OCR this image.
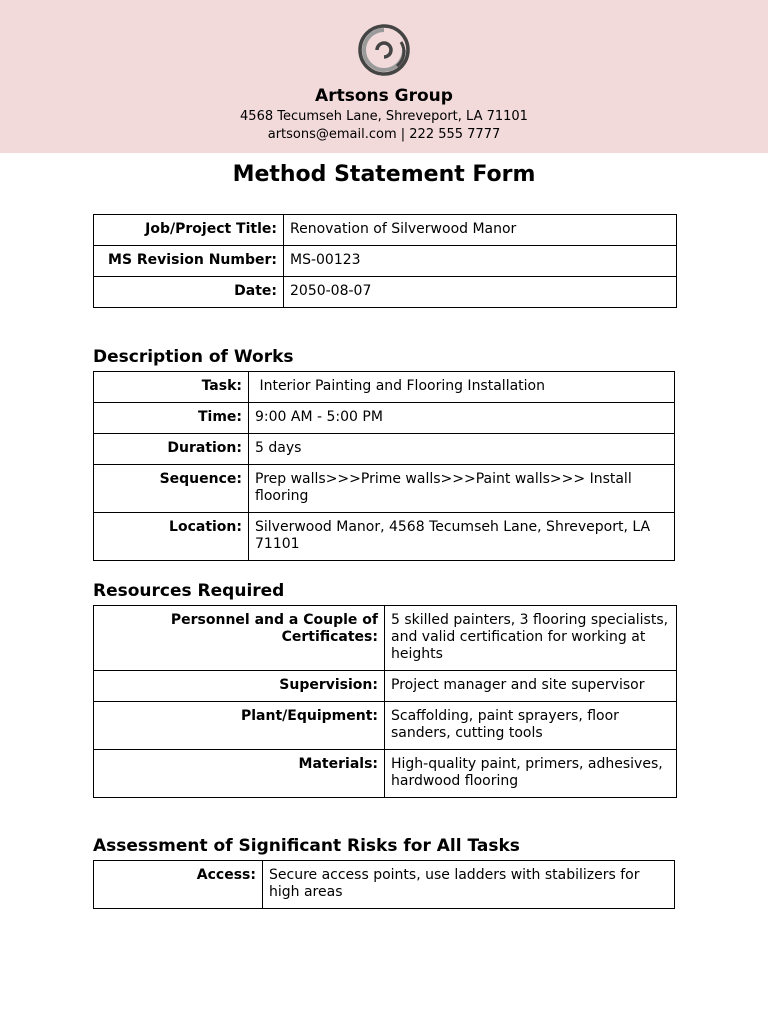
Artsons Group
4568 Tecumseh Lane, Shreveport, LA 71101
artsons@email.com | 222 555 7777
Method Statement Form
Job/Project Title:	Renovation of Silverwood Manor
MS Revision Number:	MS-00123
Date:	2050-08-07
Description of Works
Task:	Interior Painting and Flooring Installation
Time:	9:00 AM - 5:00 PM
Duration:	5 days
Sequence:	Prep walls>>>Prime walls>>>Paint walls>>> Install flooring
Location:	Silverwood Manor, 4568 Tecumseh Lane, Shreveport, LA 71101
Resources Required
Personnel and a Couple of Certificates:	5 skilled painters, 3 flooring specialists, and valid certification for working at heights
Supervision:	Project manager and site supervisor
Plant/Equipment:	Scaffolding, paint sprayers, floor sanders, cutting tools
Materials:	High-quality paint, primers, adhesives, hardwood flooring
Assessment of Significant Risks for All Tasks
Access:	Secure access points, use ladders with stabilizers for high areas
